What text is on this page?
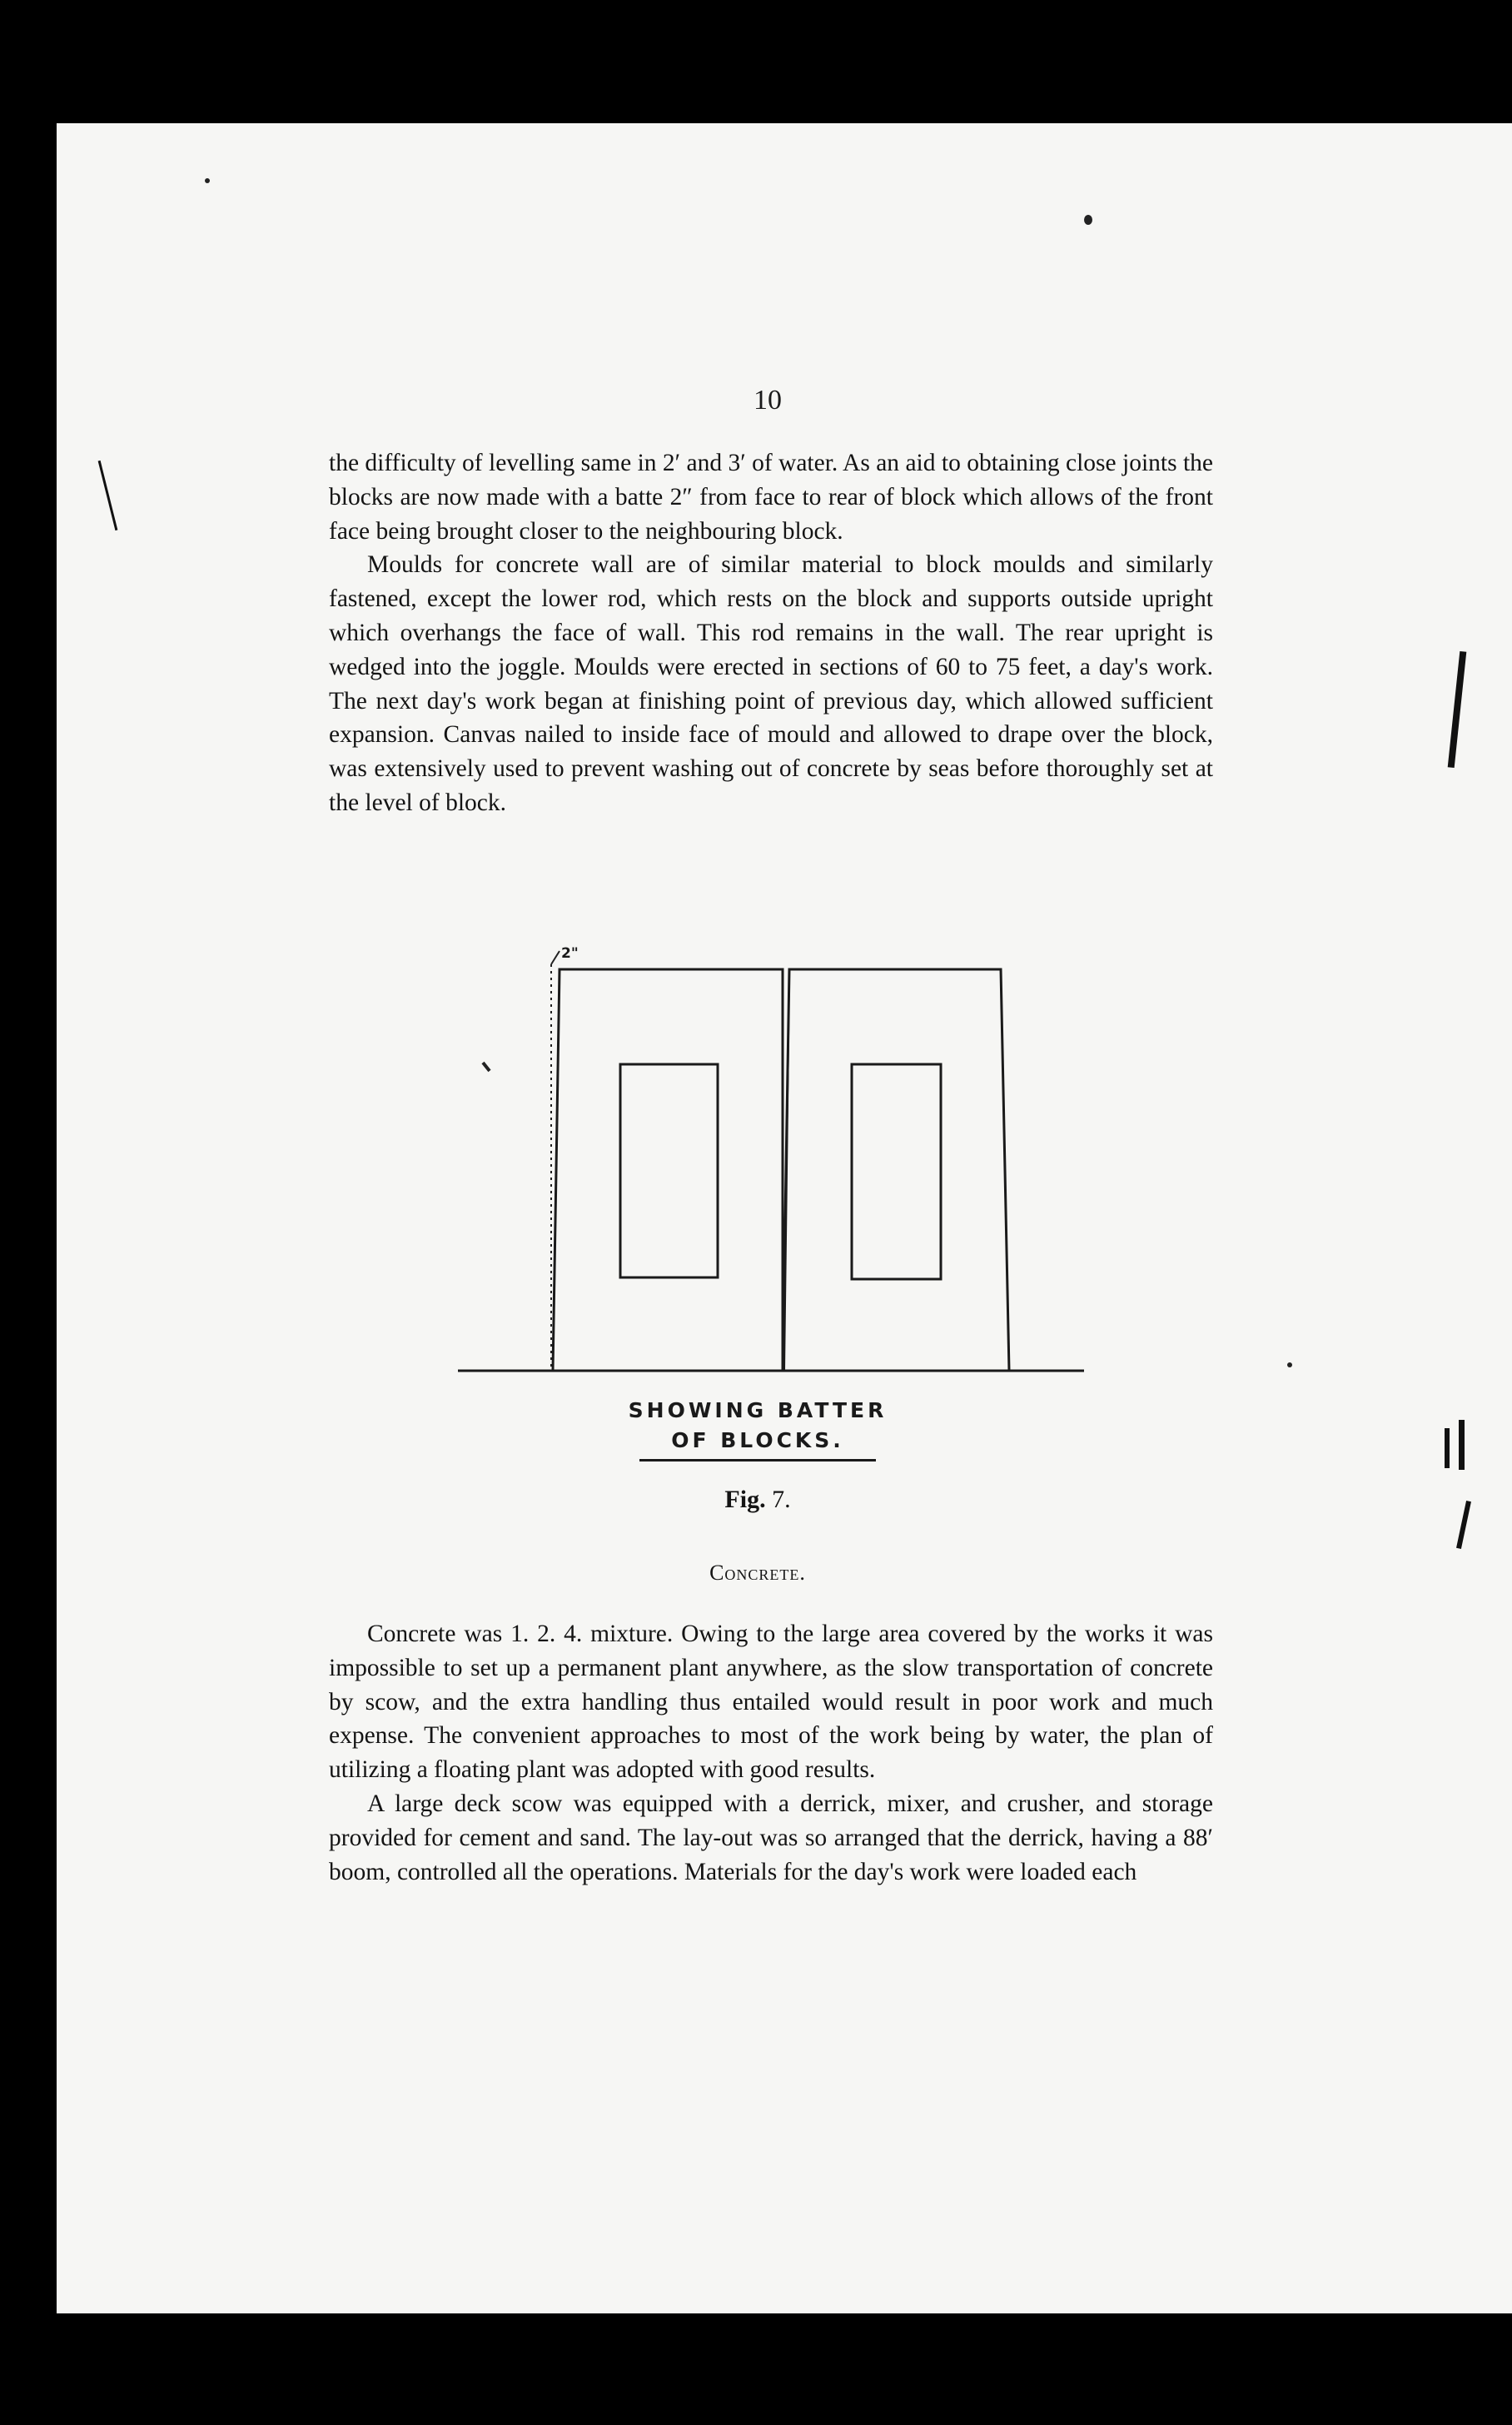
10

the difficulty of levelling same in 2′ and 3′ of water. As an aid to obtaining close joints the blocks are now made with a batte 2″ from face to rear of block which allows of the front face being brought closer to the neighbouring block.

Moulds for concrete wall are of similar material to block moulds and similarly fastened, except the lower rod, which rests on the block and supports outside upright which overhangs the face of wall. This rod remains in the wall. The rear upright is wedged into the joggle. Moulds were erected in sections of 60 to 75 feet, a day's work. The next day's work began at finishing point of previous day, which allowed sufficient expansion. Canvas nailed to inside face of mould and allowed to drape over the block, was extensively used to prevent washing out of concrete by seas before thoroughly set at the level of block.

2"
SHOWING BATTER
OF BLOCKS.
Fig. 7.
Concrete.

Concrete was 1. 2. 4. mixture. Owing to the large area covered by the works it was impossible to set up a permanent plant anywhere, as the slow transportation of concrete by scow, and the extra handling thus entailed would result in poor work and much expense. The convenient approaches to most of the work being by water, the plan of utilizing a floating plant was adopted with good results.

A large deck scow was equipped with a derrick, mixer, and crusher, and storage provided for cement and sand. The lay-out was so arranged that the derrick, having a 88′ boom, controlled all the operations. Materials for the day's work were loaded each
